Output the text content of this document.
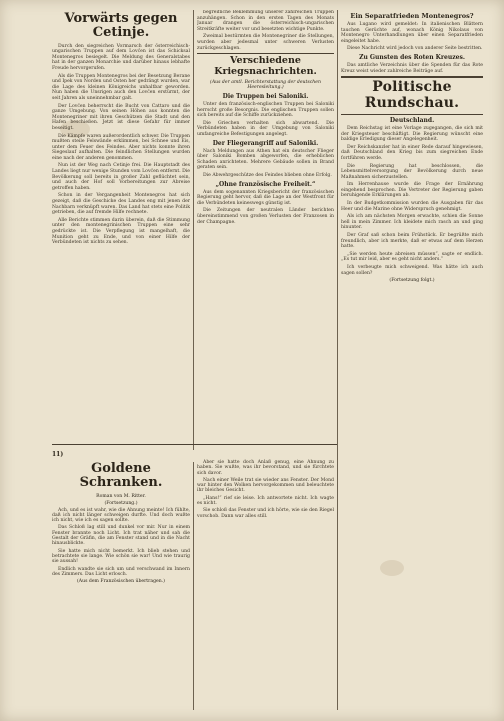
Vorwärts gegen Cetinje.

Durch den siegreichen Vormarsch der österreichisch-ungarischen Truppen auf dem Lovćen ist das Schicksal Montenegros besiegelt. Die Meldung des Generalstabes hat in der ganzen Monarchie und darüber hinaus lebhafte Freude hervorgerufen.

Als die Truppen Montenegros bei der Besetzung Berane und Ipek von Norden und Osten her gedrängt wurden, war die Lage des kleinen Königreichs unhaltbar geworden. Nun haben die Unsrigen auch den Lovćen erstürmt, der seit Jahren als uneinnehmbar galt.

Der Lovćen beherrscht die Bucht von Cattaro und die ganze Umgebung. Von seinen Höhen aus konnten die Montenegriner mit ihren Geschützen die Stadt und den Hafen beschießen. Jetzt ist diese Gefahr für immer beseitigt.

Die Kämpfe waren außerordentlich schwer. Die Truppen mußten steile Felswände erklimmen, bei Schnee und Eis, unter dem Feuer des Feindes. Aber nichts konnte ihren Siegeslauf aufhalten. Die feindlichen Stellungen wurden eine nach der anderen genommen.

Nun ist der Weg nach Cetinje frei. Die Hauptstadt des Landes liegt nur wenige Stunden vom Lovćen entfernt. Die Bevölkerung soll bereits in großer Zahl geflüchtet sein, und auch der Hof soll Vorbereitungen zur Abreise getroffen haben.

Schon in der Vergangenheit Montenegros hat sich gezeigt, daß die Geschicke des Landes eng mit jenen der Nachbarn verknüpft waren. Das Land hat stets eine Politik getrieben, die auf fremde Hilfe rechnete.

Alle Berichte stimmen darin überein, daß die Stimmung unter den montenegrinischen Truppen eine sehr gedrückte ist. Die Verpflegung ist mangelhaft, die Munition geht zu Ende, und von einer Hilfe der Verbündeten ist nichts zu sehen.

begreifliche Beklemmung unserer zahlreichen Truppen anzuhängen. Schon in den ersten Tagen des Monats Januar drangen die österreichisch-ungarischen Streitkräfte weiter vor und besetzten wichtige Punkte.

Zweimal bestürmten die Montenegriner die Stellungen, wurden aber jedesmal unter schweren Verlusten zurückgeschlagen.

Verschiedene Kriegsnachrichten.
(Aus der amtl. Berichterstattung der deutschen Heeresleitung.)
Die Truppen bei Saloniki.

Unter den französisch-englischen Truppen bei Saloniki herrscht große Besorgnis. Die englischen Truppen sollen sich bereits auf die Schiffe zurückziehen.

Die Griechen verhalten sich abwartend. Die Verbündeten haben in der Umgebung von Saloniki umfangreiche Befestigungen angelegt.

Der Fliegerangriff auf Saloniki.

Nach Meldungen aus Athen hat ein deutscher Flieger über Saloniki Bomben abgeworfen, die erheblichen Schaden anrichteten. Mehrere Gebäude sollen in Brand geraten sein.

Die Abwehrgeschütze des Feindes blieben ohne Erfolg.

„Ohne französische Freiheit.“

Aus dem sogenannten Kriegsbericht der französischen Regierung geht hervor, daß die Lage an der Westfront für die Verbündeten keineswegs günstig ist.

Die Zeitungen der neutralen Länder berichten übereinstimmend von großen Verlusten der Franzosen in der Champagne.

Ein Separatfrieden Montenegros?

Aus Lugano wird gemeldet: In italienischen Blättern tauchen Gerüchte auf, wonach König Nikolaus von Montenegro Unterhandlungen über einen Separatfrieden eingeleitet habe.

Diese Nachricht wird jedoch von anderer Seite bestritten.

Zu Gunsten des Roten Kreuzes.

Das amtliche Verzeichnis über die Spenden für das Rote Kreuz weist wieder zahlreiche Beiträge auf.

Politische Rundschau.
Deutschland.

Dem Reichstag ist eine Vorlage zugegangen, die sich mit der Kriegsteuer beschäftigt. Die Regierung wünscht eine baldige Erledigung dieser Angelegenheit.

Der Reichskanzler hat in einer Rede darauf hingewiesen, daß Deutschland den Krieg bis zum siegreichen Ende fortführen werde.

Die Regierung hat beschlossen, die Lebensmittelversorgung der Bevölkerung durch neue Maßnahmen sicherzustellen.

Im Herrenhause wurde die Frage der Ernährung eingehend besprochen. Die Vertreter der Regierung gaben beruhigende Erklärungen ab.

In der Budgetkommission wurden die Ausgaben für das Heer und die Marine ohne Widerspruch genehmigt.

Als ich am nächsten Morgen erwachte, schien die Sonne hell in mein Zimmer. Ich kleidete mich rasch an und ging hinunter.

Der Graf saß schon beim Frühstück. Er begrüßte mich freundlich, aber ich merkte, daß er etwas auf dem Herzen hatte.

„Sie werden heute abreisen müssen“, sagte er endlich. „Es tut mir leid, aber es geht nicht anders.“

Ich verbeugte mich schweigend. Was hätte ich auch sagen sollen?

(Fortsetzung folgt.)
11)
Goldene Schranken.
Roman von M. Ritter.
(Fortsetzung.)

Ach, und es ist wahr, wie die Ahnung meinte! Ich fühlte, daß ich nicht länger schweigen durfte. Und doch wußte ich nicht, wie ich es sagen sollte.

Das Schloß lag still und dunkel vor mir. Nur in einem Fenster brannte noch Licht. Ich trat näher und sah die Gestalt der Gräfin, die am Fenster stand und in die Nacht hinausblickte.

Sie hatte mich nicht bemerkt. Ich blieb stehen und betrachtete sie lange. Wie schön sie war! Und wie traurig sie aussah!

Endlich wandte sie sich um und verschwand im Innern des Zimmers. Das Licht erlosch.

(Aus dem Französischen übertragen.)

Aber sie hatte doch Anlaß genug, eine Ahnung zu haben. Sie wußte, was ihr bevorstand, und sie fürchtete sich davor.

Nach einer Weile trat sie wieder ans Fenster. Der Mond war hinter den Wolken hervorgekommen und beleuchtete ihr bleiches Gesicht.

„Hans!“ rief sie leise. Ich antwortete nicht. Ich wagte es nicht.

Sie schloß das Fenster und ich hörte, wie sie den Riegel vorschob. Dann war alles still.
